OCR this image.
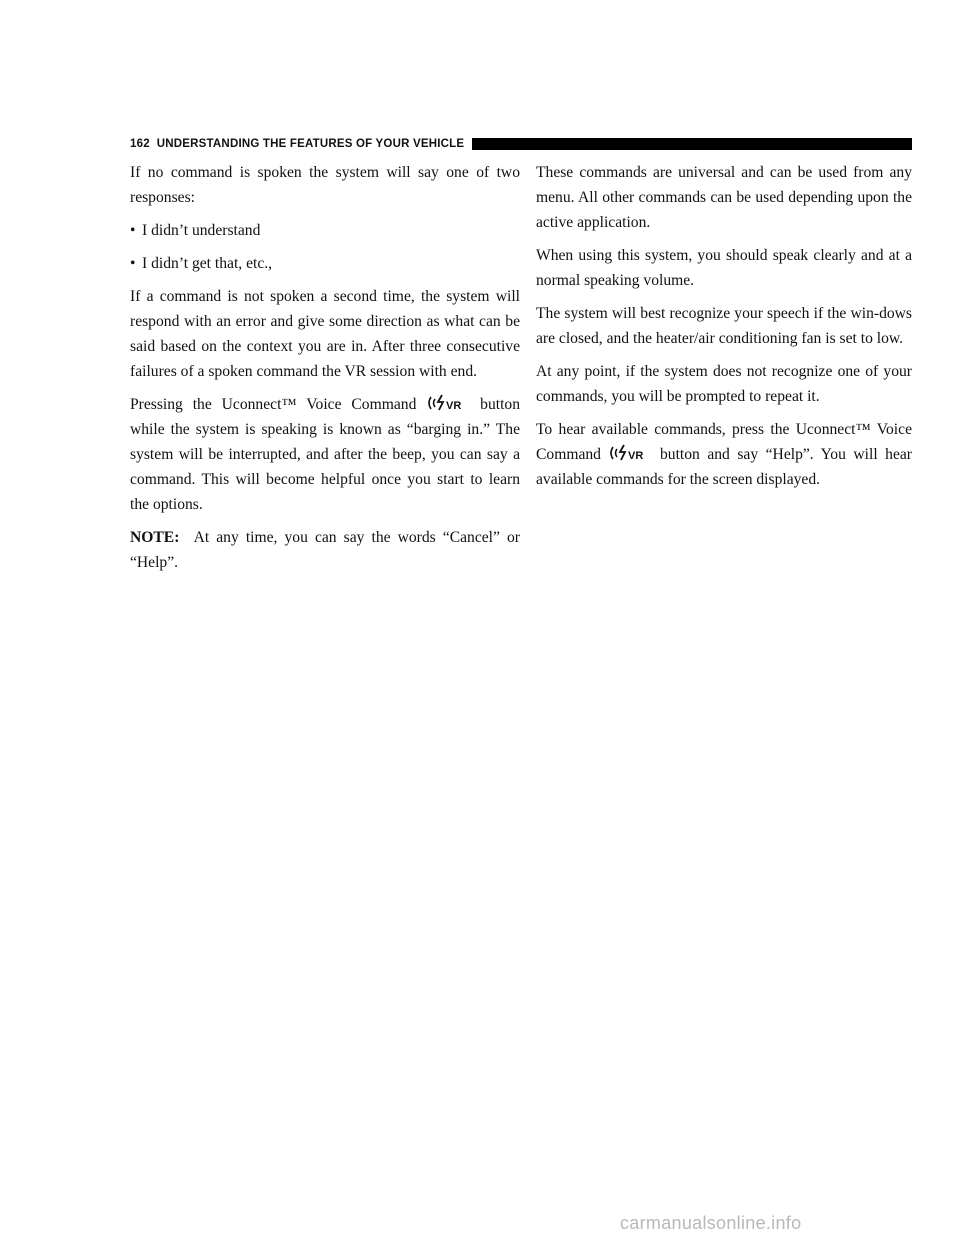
162 UNDERSTANDING THE FEATURES OF YOUR VEHICLE

If no command is spoken the system will say one of two responses:

• I didn’t understand
• I didn’t get that, etc.,

If a command is not spoken a second time, the system will respond with an error and give some direction as what can be said based on the context you are in. After three consecutive failures of a spoken command the VR session with end.

Pressing the Uconnect™ Voice Command	VR button while the system is speaking is known as “barging in.” The system will be interrupted, and after the beep, you can say a command. This will become helpful once you start to learn the options.

NOTE: At any time, you can say the words “Cancel” or “Help”.

These commands are universal and can be used from any menu. All other commands can be used depending upon the active application.

When using this system, you should speak clearly and at a normal speaking volume.

The system will best recognize your speech if the win-dows are closed, and the heater/air conditioning fan is set to low.

At any point, if the system does not recognize one of your commands, you will be prompted to repeat it.

To hear available commands, press the Uconnect™ Voice Command	VR button and say “Help”. You will hear available commands for the screen displayed.

carmanualsonline.info
